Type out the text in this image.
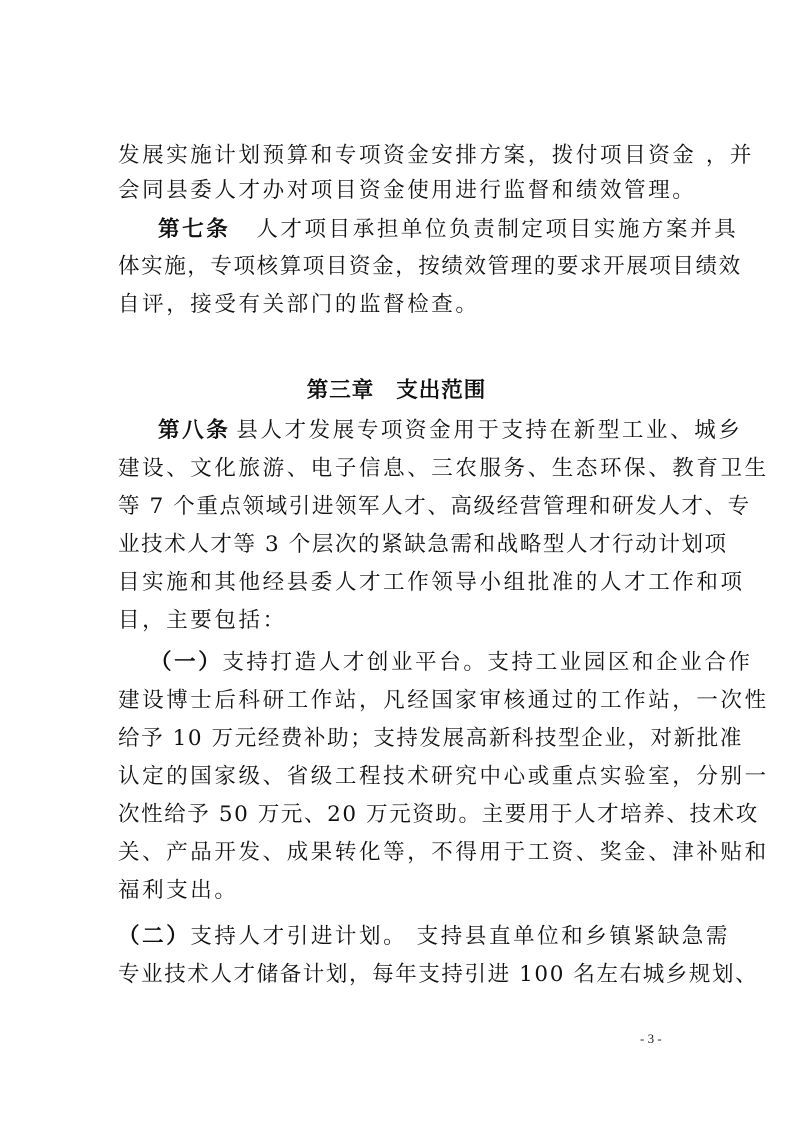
发展实施计划预算和专项资金安排方案，拨付项目资金 ，并
会同县委人才办对项目资金使用进行监督和绩效管理。
第七条 人才项目承担单位负责制定项目实施方案并具
体实施，专项核算项目资金，按绩效管理的要求开展项目绩效
自评，接受有关部门的监督检查。
第三章 支出范围
第八条 县人才发展专项资金用于支持在新型工业、城乡
建设、文化旅游、电子信息、三农服务、生态环保、教育卫生
等 7 个重点领域引进领军人才、高级经营管理和研发人才、专
业技术人才等 3 个层次的紧缺急需和战略型人才行动计划项
目实施和其他经县委人才工作领导小组批准的人才工作和项
目，主要包括：
（一）支持打造人才创业平台。支持工业园区和企业合作
建设博士后科研工作站，凡经国家审核通过的工作站，一次性
给予 10 万元经费补助；支持发展高新科技型企业，对新批准
认定的国家级、省级工程技术研究中心或重点实验室，分别一
次性给予 50 万元、20 万元资助。主要用于人才培养、技术攻
关、产品开发、成果转化等，不得用于工资、奖金、津补贴和
福利支出。
（二）支持人才引进计划。 支持县直单位和乡镇紧缺急需
专业技术人才储备计划，每年支持引进 100 名左右城乡规划、
- 3 -
